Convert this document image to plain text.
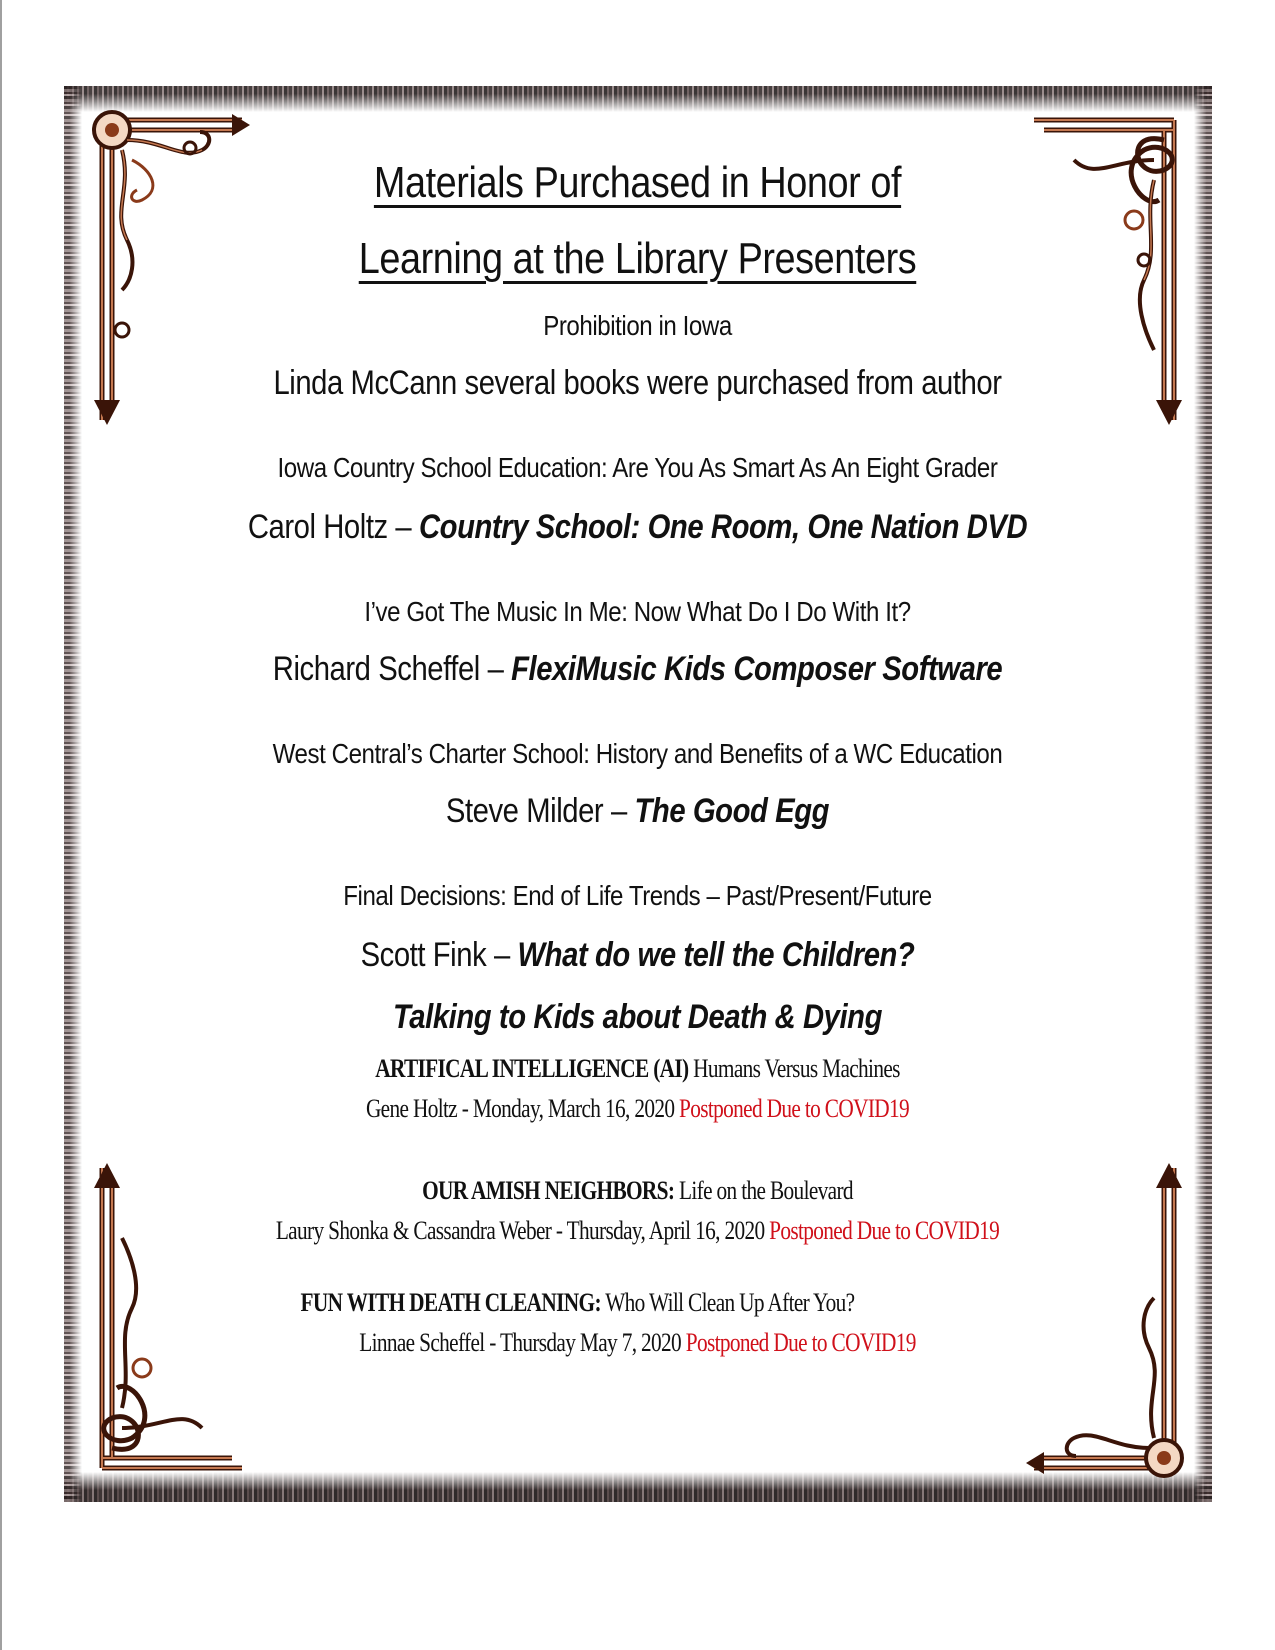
Materials Purchased in Honor of
Learning at the Library Presenters
Prohibition in Iowa
Linda McCann several books were purchased from author
Iowa Country School Education: Are You As Smart As An Eight Grader
Carol Holtz – Country School: One Room, One Nation DVD
I’ve Got The Music In Me: Now What Do I Do With It?
Richard Scheffel – FlexiMusic Kids Composer Software
West Central’s Charter School: History and Benefits of a WC Education
Steve Milder – The Good Egg
Final Decisions: End of Life Trends – Past/Present/Future
Scott Fink – What do we tell the Children?
Talking to Kids about Death & Dying
ARTIFICAL INTELLIGENCE (AI) Humans Versus Machines
Gene Holtz - Monday, March 16, 2020 Postponed Due to COVID19
OUR AMISH NEIGHBORS: Life on the Boulevard
Laury Shonka & Cassandra Weber - Thursday, April 16, 2020 Postponed Due to COVID19
FUN WITH DEATH CLEANING: Who Will Clean Up After You?
Linnae Scheffel - Thursday May 7, 2020 Postponed Due to COVID19
